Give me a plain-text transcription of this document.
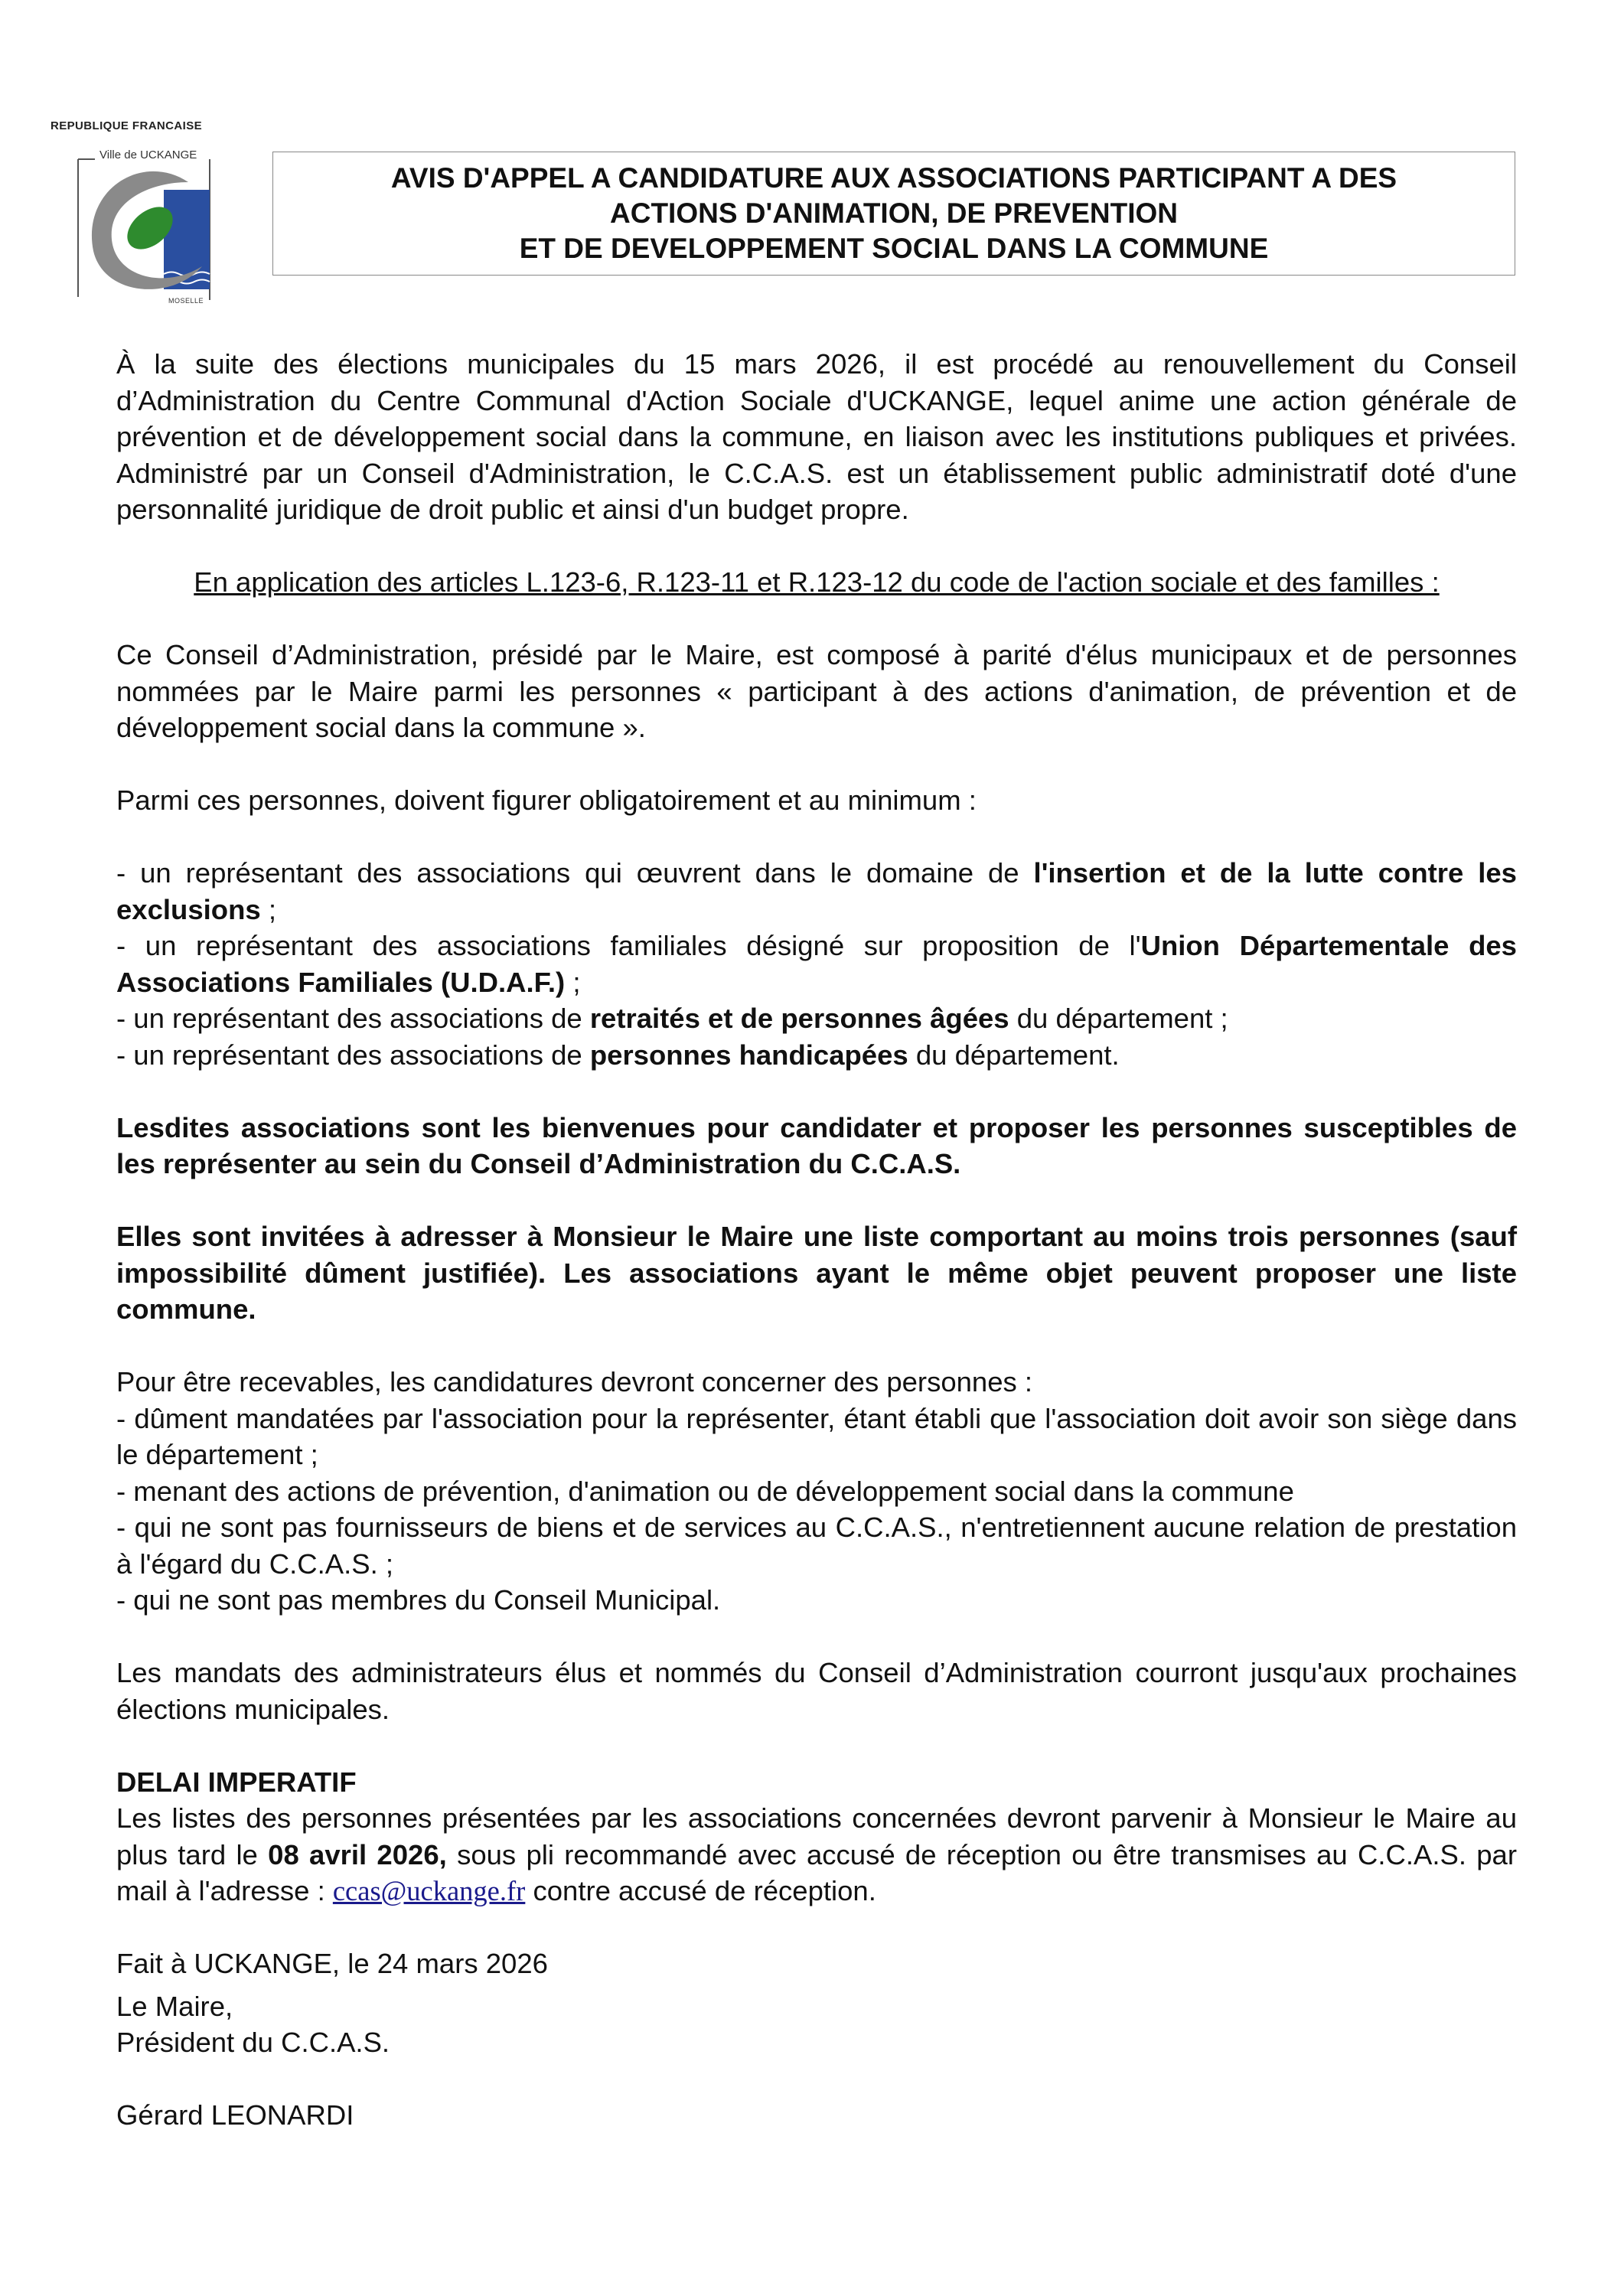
REPUBLIQUE FRANCAISE
Ville de UCKANGE
MOSELLE
AVIS D'APPEL A CANDIDATURE AUX ASSOCIATIONS PARTICIPANT A DES
ACTIONS D'ANIMATION, DE PREVENTION
ET DE DEVELOPPEMENT SOCIAL DANS LA COMMUNE

À la suite des élections municipales du 15 mars 2026, il est procédé au renouvellement du Conseil d’Administration du Centre Communal d'Action Sociale d'UCKANGE, lequel anime une action générale de prévention et de développement social dans la commune, en liaison avec les institutions publiques et privées. Administré par un Conseil d'Administration, le C.C.A.S. est un établissement public administratif doté d'une personnalité juridique de droit public et ainsi d'un budget propre.

En application des articles L.123-6, R.123-11 et R.123-12 du code de l'action sociale et des familles :

Ce Conseil d’Administration, présidé par le Maire, est composé à parité d'élus municipaux et de personnes nommées par le Maire parmi les personnes « participant à des actions d'animation, de prévention et de développement social dans la commune ».

Parmi ces personnes, doivent figurer obligatoirement et au minimum :

- un représentant des associations qui œuvrent dans le domaine de l'insertion et de la lutte contre les exclusions ;

- un représentant des associations familiales désigné sur proposition de l'Union Départementale des Associations Familiales (U.D.A.F.) ;

- un représentant des associations de retraités et de personnes âgées du département ;

- un représentant des associations de personnes handicapées du département.

Lesdites associations sont les bienvenues pour candidater et proposer les personnes susceptibles de les représenter au sein du Conseil d’Administration du C.C.A.S.

Elles sont invitées à adresser à Monsieur le Maire une liste comportant au moins trois personnes (sauf impossibilité dûment justifiée). Les associations ayant le même objet peuvent proposer une liste commune.

Pour être recevables, les candidatures devront concerner des personnes :

- dûment mandatées par l'association pour la représenter, étant établi que l'association doit avoir son siège dans le département ;

- menant des actions de prévention, d'animation ou de développement social dans la commune

- qui ne sont pas fournisseurs de biens et de services au C.C.A.S., n'entretiennent aucune relation de prestation à l'égard du C.C.A.S. ;

- qui ne sont pas membres du Conseil Municipal.

Les mandats des administrateurs élus et nommés du Conseil d’Administration courront jusqu'aux prochaines élections municipales.

DELAI IMPERATIF

Les listes des personnes présentées par les associations concernées devront parvenir à Monsieur le Maire au plus tard le 08 avril 2026, sous pli recommandé avec accusé de réception ou être transmises au C.C.A.S. par mail à l'adresse : ccas@uckange.fr contre accusé de réception.

Fait à UCKANGE, le 24 mars 2026

Le Maire,

Président du C.C.A.S.

Gérard LEONARDI
